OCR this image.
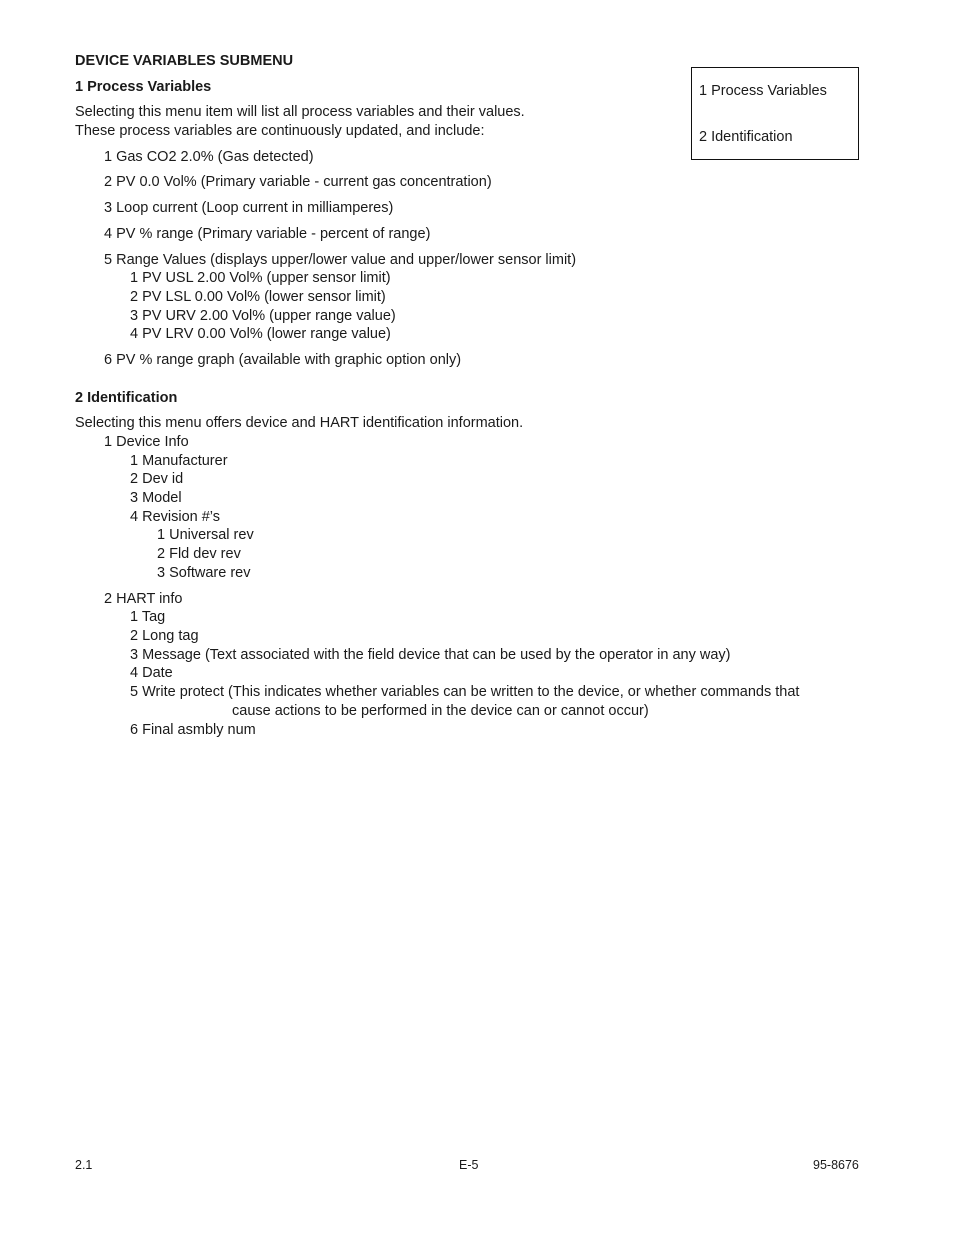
DEVICE VARIABLES SUBMENU
1 Process Variables
Selecting this menu item will list all process variables and their values.
These process variables are continuously updated, and include:
1 Gas CO2 2.0% (Gas detected)
2 PV 0.0 Vol% (Primary variable - current gas concentration)
3 Loop current (Loop current in milliamperes)
4 PV % range (Primary variable - percent of range)
5 Range Values (displays upper/lower value and upper/lower sensor limit)
1 PV USL 2.00 Vol% (upper sensor limit)
2 PV LSL 0.00 Vol% (lower sensor limit)
3 PV URV 2.00 Vol% (upper range value)
4 PV LRV 0.00 Vol% (lower range value)
6 PV % range graph (available with graphic option only)
2 Identification
Selecting this menu offers device and HART identification information.
1 Device Info
1 Manufacturer
2 Dev id
3 Model
4 Revision #’s
1 Universal rev
2 Fld dev rev
3 Software rev
2 HART info
1 Tag
2 Long tag
3 Message (Text associated with the field device that can be used by the operator in any way)
4 Date
5 Write protect (This indicates whether variables can be written to the device, or whether commands that
cause actions to be performed in the device can or cannot occur)
6 Final asmbly num
1 Process Variables
2 Identification
2.1	E-5	95-8676
